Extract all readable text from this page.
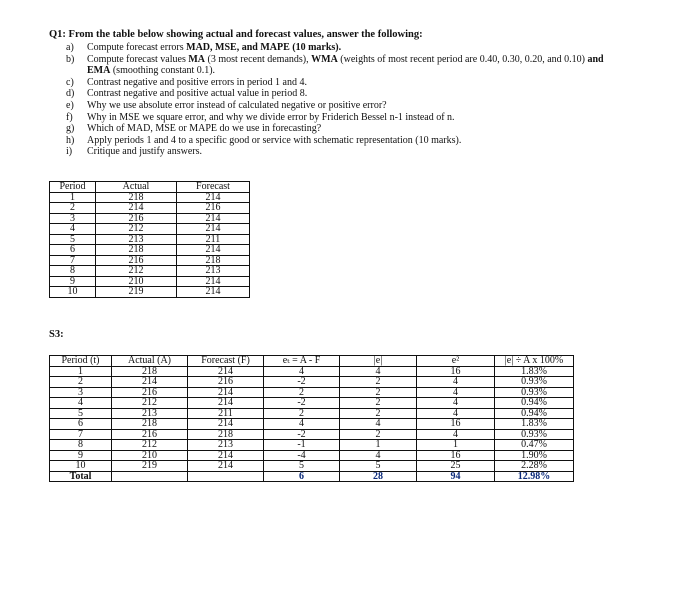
Q1: From the table below showing actual and forecast values, answer the following:
a)	Compute forecast errors MAD, MSE, and MAPE (10 marks).
b)	Compute forecast values MA (3 most recent demands), WMA (weights of most recent period are 0.40, 0.30, 0.20, and 0.10) and EMA (smoothing constant 0.1).
c)	Contrast negative and positive errors in period 1 and 4.
d)	Contrast negative and positive actual value in period 8.
e)	Why we use absolute error instead of calculated negative or positive error?
f)	Why in MSE we square error, and why we divide error by Friderich Bessel n-1 instead of n.
g)	Which of MAD, MSE or MAPE do we use in forecasting?
h)	Apply periods 1 and 4 to a specific good or service with schematic representation (10 marks).
i)	Critique and justify answers.
Period	Actual	Forecast
1	218	214
2	214	216
3	216	214
4	212	214
5	213	211
6	218	214
7	216	218
8	212	213
9	210	214
10	219	214
S3:
Period (t)	Actual (A)	Forecast (F)	eₜ = A - F	|e|	e²	|e| ÷ A x 100%
1	218	214	4	4	16	1.83%
2	214	216	-2	2	4	0.93%
3	216	214	2	2	4	0.93%
4	212	214	-2	2	4	0.94%
5	213	211	2	2	4	0.94%
6	218	214	4	4	16	1.83%
7	216	218	-2	2	4	0.93%
8	212	213	-1	1	1	0.47%
9	210	214	-4	4	16	1.90%
10	219	214	5	5	25	2.28%
Total			6	28	94	12.98%
